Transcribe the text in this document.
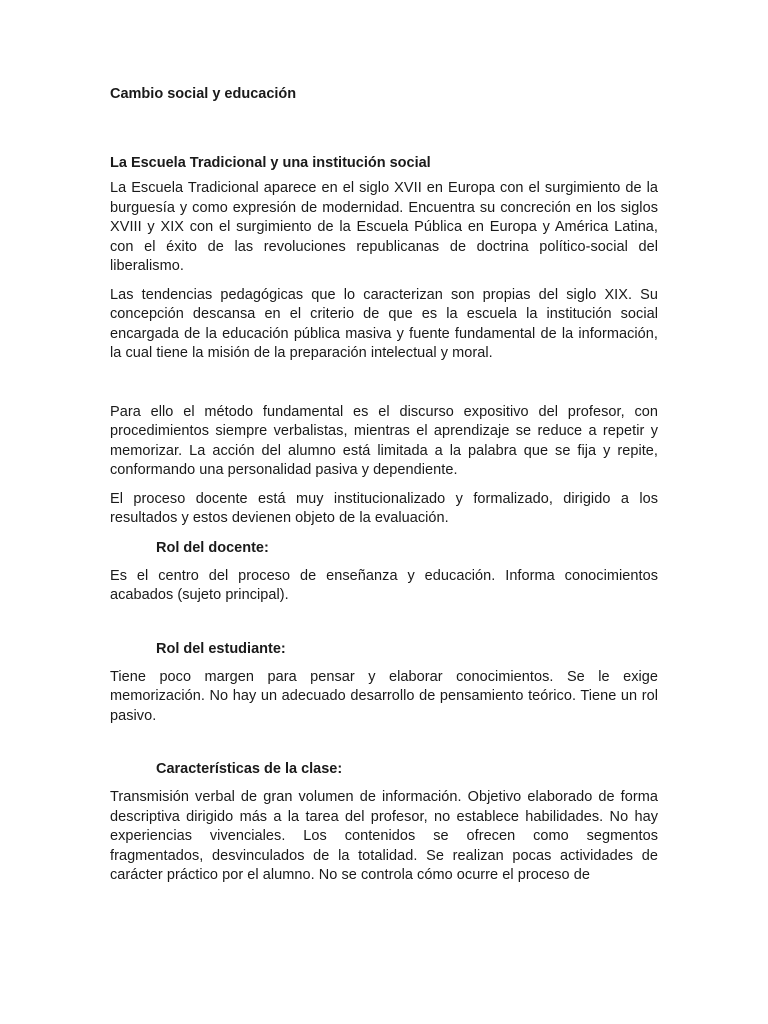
Cambio social y educación
La Escuela Tradicional y una institución social

La Escuela Tradicional aparece en el siglo XVII en Europa con el surgimiento de la burguesía y como expresión de modernidad. Encuentra su concreción en los siglos XVIII y XIX con el surgimiento de la Escuela Pública en Europa y América Latina, con el éxito de las revoluciones republicanas de doctrina político-social del liberalismo.

Las tendencias pedagógicas que lo caracterizan son propias del siglo XIX. Su concepción descansa en el criterio de que es la escuela la institución social encargada de la educación pública masiva y fuente fundamental de la información, la cual tiene la misión de la preparación intelectual y moral.

Para ello el método fundamental es el discurso expositivo del profesor, con procedimientos siempre verbalistas, mientras el aprendizaje se reduce a repetir y memorizar. La acción del alumno está limitada a la palabra que se fija y repite, conformando una personalidad pasiva y dependiente.

El proceso docente está muy institucionalizado y formalizado, dirigido a los resultados y estos devienen objeto de la evaluación.

Rol del docente:

Es el centro del proceso de enseñanza y educación. Informa conocimientos acabados (sujeto principal).

Rol del estudiante:

Tiene poco margen para pensar y elaborar conocimientos. Se le exige memorización. No hay un adecuado desarrollo de pensamiento teórico. Tiene un rol pasivo.

Características de la clase:

Transmisión verbal de gran volumen de información. Objetivo elaborado de forma descriptiva dirigido más a la tarea del profesor, no establece habilidades. No hay experiencias vivenciales. Los contenidos se ofrecen como segmentos fragmentados, desvinculados de la totalidad. Se realizan pocas actividades de carácter práctico por el alumno. No se controla cómo ocurre el proceso de
